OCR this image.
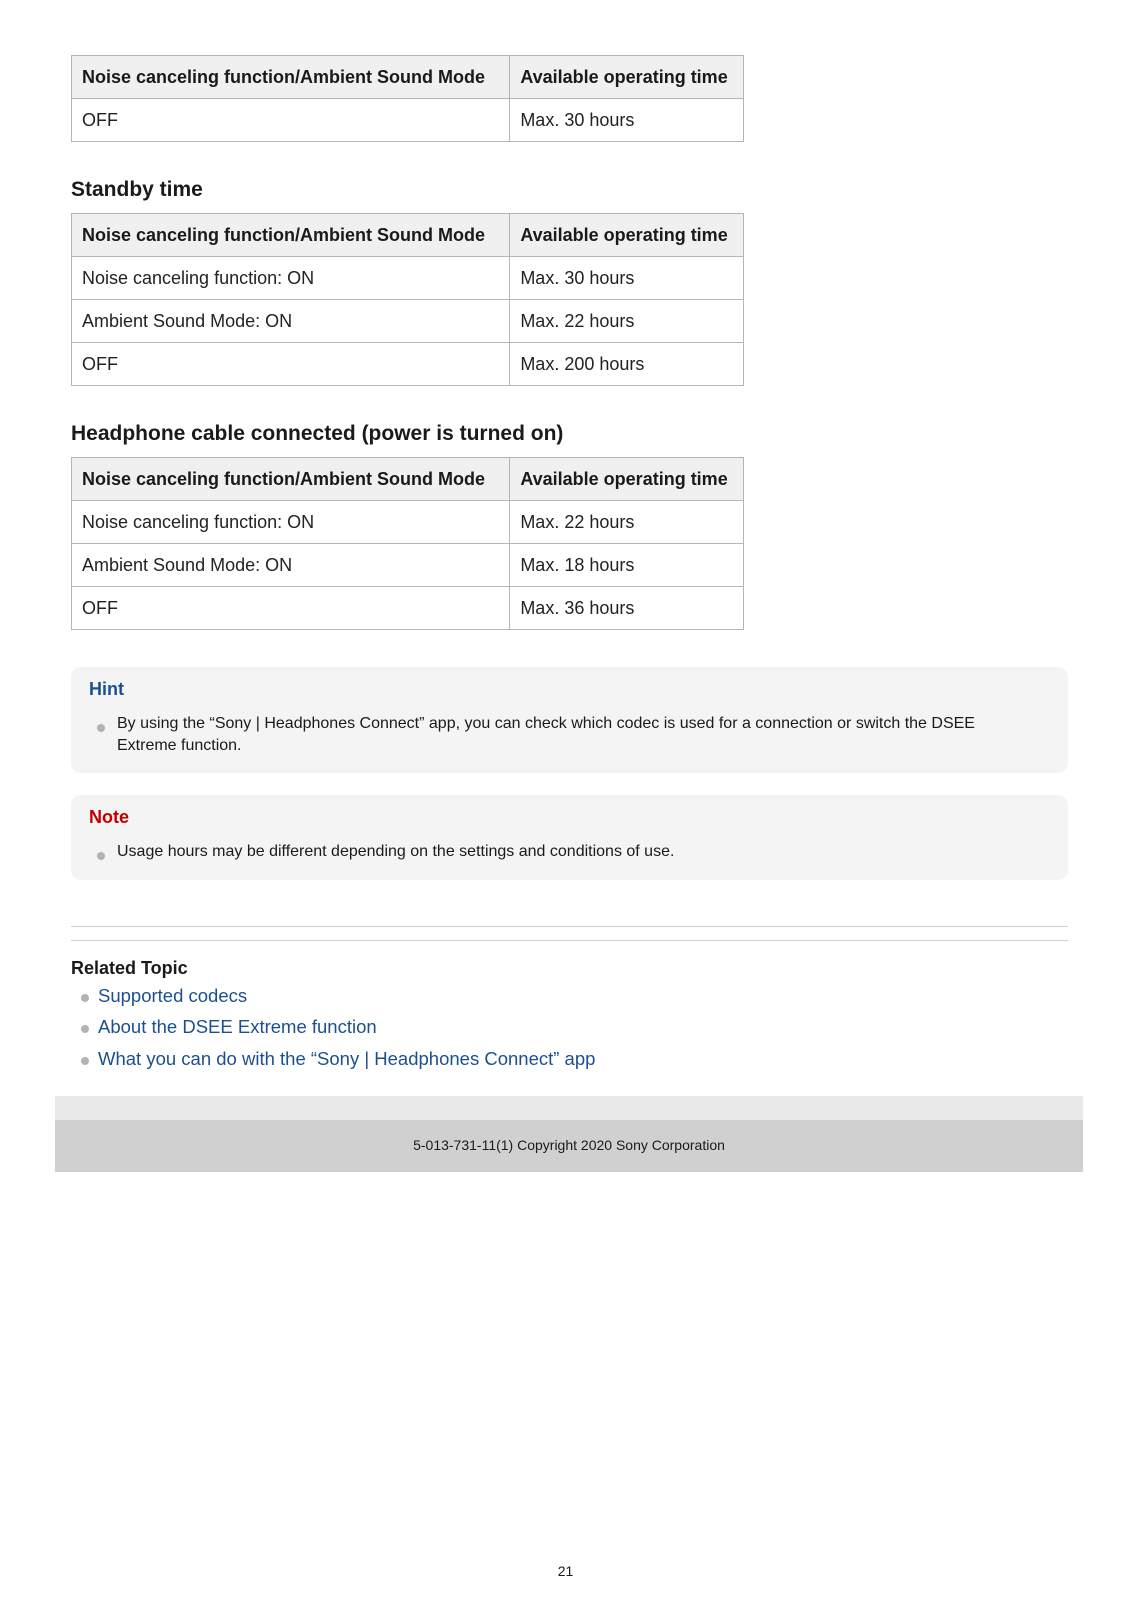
Noise canceling function/Ambient Sound Mode	Available operating time
OFF	Max. 30 hours
Standby time
Noise canceling function/Ambient Sound Mode	Available operating time
Noise canceling function: ON	Max. 30 hours
Ambient Sound Mode: ON	Max. 22 hours
OFF	Max. 200 hours
Headphone cable connected (power is turned on)
Noise canceling function/Ambient Sound Mode	Available operating time
Noise canceling function: ON	Max. 22 hours
Ambient Sound Mode: ON	Max. 18 hours
OFF	Max. 36 hours
Hint
By using the “Sony | Headphones Connect” app, you can check which codec is used for a connection or switch the DSEE Extreme function.
Note
Usage hours may be different depending on the settings and conditions of use.
Related Topic
Supported codecs
About the DSEE Extreme function
What you can do with the “Sony | Headphones Connect” app
5-013-731-11(1) Copyright 2020 Sony Corporation
21
